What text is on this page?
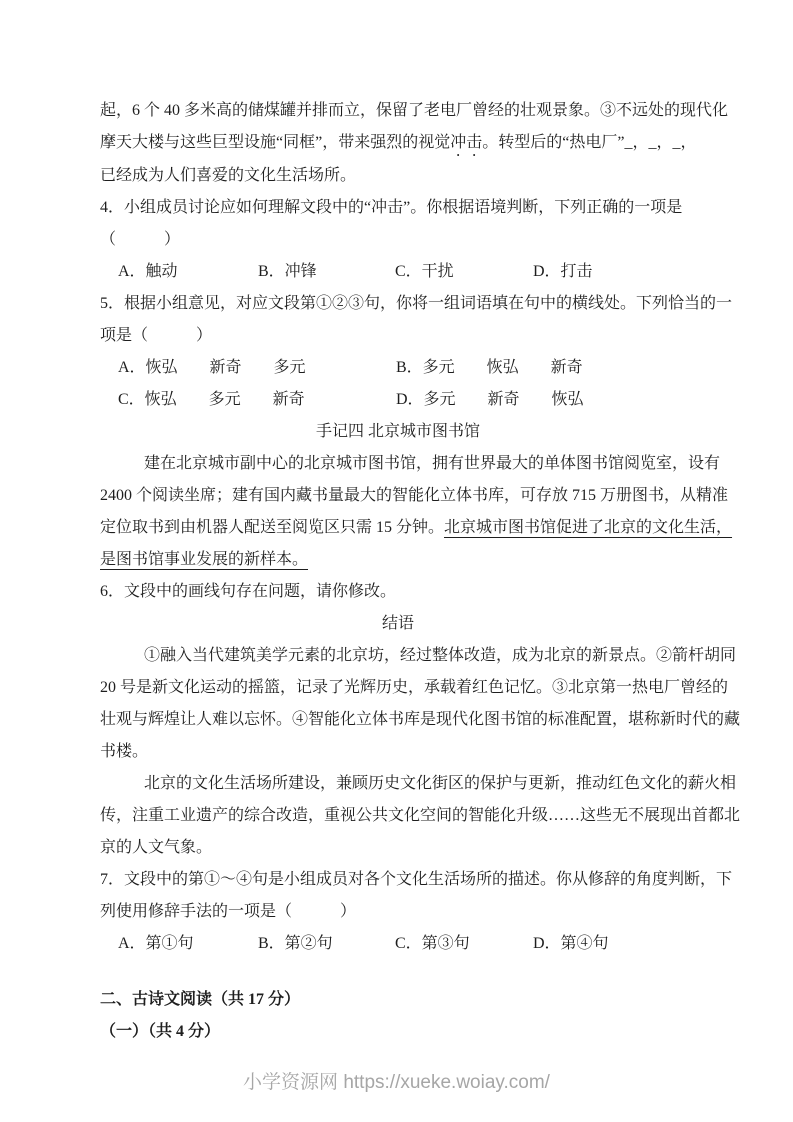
起，6 个 40 多米高的储煤罐并排而立，保留了老电厂曾经的壮观景象。③不远处的现代化
摩天大楼与这些巨型设施“同框”，带来强烈的视觉冲击。转型后的“热电厂”_，_，_，
已经成为人们喜爱的文化生活场所。
4．小组成员讨论应如何理解文段中的“冲击”。你根据语境判断，下列正确的一项是
（　　　）
A．触动	B．冲锋	C．干扰	D．打击
5．根据小组意见，对应文段第①②③句，你将一组词语填在句中的横线处。下列恰当的一
项是（　　　）
A．恢弘　　新奇　　多元	B．多元　　恢弘　　新奇
C．恢弘　　多元　　新奇	D．多元　　新奇　　恢弘
手记四 北京城市图书馆
建在北京城市副中心的北京城市图书馆，拥有世界最大的单体图书馆阅览室，设有
2400 个阅读坐席；建有国内藏书量最大的智能化立体书库，可存放 715 万册图书，从精准
定位取书到由机器人配送至阅览区只需 15 分钟。北京城市图书馆促进了北京的文化生活，
是图书馆事业发展的新样本。
6．文段中的画线句存在问题，请你修改。
结语
①融入当代建筑美学元素的北京坊，经过整体改造，成为北京的新景点。②箭杆胡同
20 号是新文化运动的摇篮，记录了光辉历史，承载着红色记忆。③北京第一热电厂曾经的
壮观与辉煌让人难以忘怀。④智能化立体书库是现代化图书馆的标准配置，堪称新时代的藏
书楼。
北京的文化生活场所建设，兼顾历史文化街区的保护与更新，推动红色文化的薪火相
传，注重工业遗产的综合改造，重视公共文化空间的智能化升级……这些无不展现出首都北
京的人文气象。
7．文段中的第①～④句是小组成员对各个文化生活场所的描述。你从修辞的角度判断，下
列使用修辞手法的一项是（　　　）
A．第①句	B．第②句	C．第③句	D．第④句
二、古诗文阅读（共 17 分）
（一）（共 4 分）
小学资源网 https://xueke.woiay.com/
